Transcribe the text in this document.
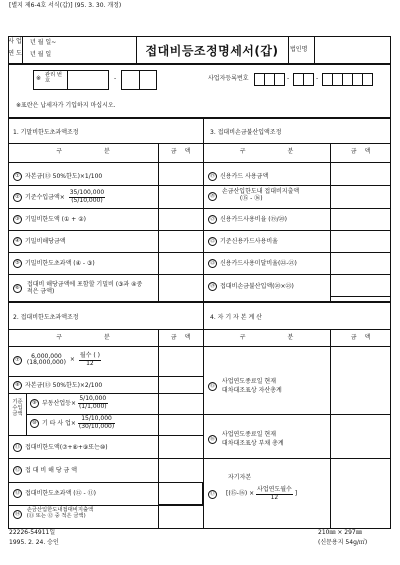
[별지 제6-4호 서식(갑)] (95. 3. 30. 개정)
사 업
연 도
년 월 일~
년 월 일	접대비등조정명세서(갑)	법인명
※ 관리 번호	-	사업자등록번호	-	-
※표란은 납세자가 기입하지 마십시오.
1. 기말비한도초과액조정
구 분	금 액
① 자본금(⑬ 50%한도)×1/100
② 기준수입금액× $\frac{35/100,000}{(5/10,000)}$
③ 기밀비한도액 (① + ②)
④ 기밀비해당금액
⑤ 기밀비한도초과액 (④ - ③)
⑥ 접대비 해당금액에 포함할 기밀비 (③과 ④중 적은 금액)
3. 접대비손금불산입액조정
구 분	금 액
⑲ 신용카드 사용금액
⑳
손금산입한도내 접대비지출액
(⑮ - ⑯)
㉑ 신용카드사용비율 (⑲/⑳)
㉒ 기준신용카드사용비율
㉓ 신용카드사용미달비율(㉒-㉑)
㉔ 접대비손금불산입액(⑳×㉓)
2. 접대비한도초과액조정
구 분	금 액
⑦
6,000,000
$(18,000,000) \times \frac{\text{월수 ( )}}{12}$
⑧ 자본금(⑬ 50%한도)×2/100
기준 수입 금액
⑨ 부동산업등× $\frac{5/10,000}{(1/1,000)}$
⑩ 기 타 사 업× $\frac{15/10,000}{(30/10,000)}$
⑪ 접대비한도액(⑦+⑧+⑨또는⑩)
⑫ 접 대 비 해 당 금 액
⑬ 접대비한도초과액 (⑫ - ⑪)
⑭
손금산입한도내접대비지출액
(⑪ 또는 ⑫ 중 적은 금액)
4. 자 기 자 본 계 산
구 분	금 액
⑮
사업연도종료일 현재
대차대조표상 자산총계
⑯
사업연도종료일 현재
대차대조표상 부채 총계
자기자본
⑰	[(⑮-⑯) × $\frac{\text{사업연도월수}}{12}$ ]
22226-54911일
1995. 2. 24. 승인
210㎜ × 297㎜
(신문용지 54g/㎡)
